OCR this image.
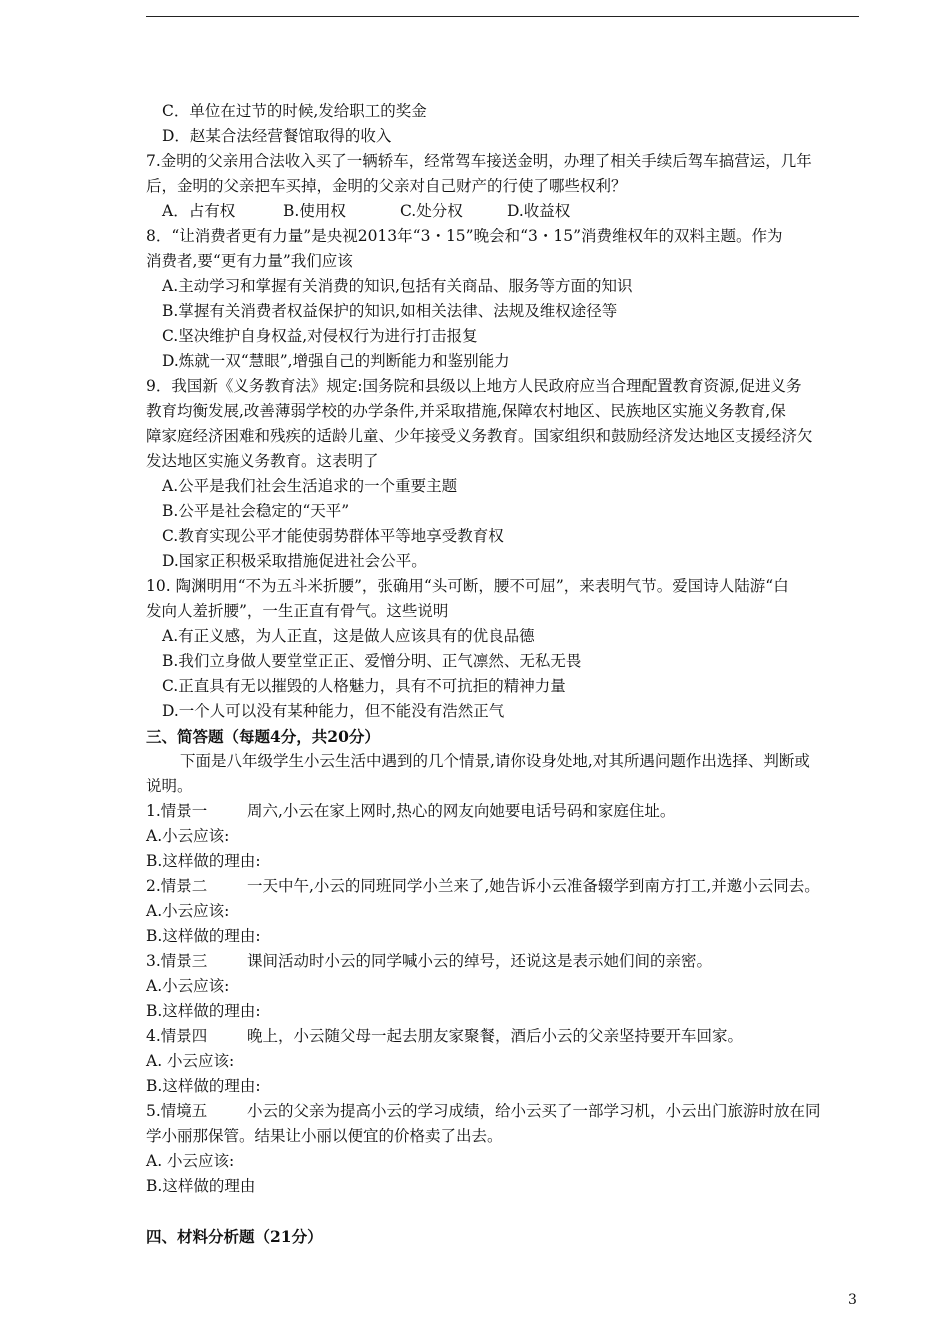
C．单位在过节的时候,发给职工的奖金
D．赵某合法经营餐馆取得的收入
7.金明的父亲用合法收入买了一辆轿车，经常驾车接送金明，办理了相关手续后驾车搞营运，几年
后，金明的父亲把车买掉，金明的父亲对自己财产的行使了哪些权利？
A．占有权	B.使用权	C.处分权	D.收益权
8．“让消费者更有力量”是央视2013年“3・15”晚会和“3・15”消费维权年的双料主题。作为
消费者,要“更有力量”我们应该
A.主动学习和掌握有关消费的知识,包括有关商品、服务等方面的知识
B.掌握有关消费者权益保护的知识,如相关法律、法规及维权途径等
C.坚决维护自身权益,对侵权行为进行打击报复
D.炼就一双“慧眼”,增强自己的判断能力和鉴别能力
9．我国新《义务教育法》规定:国务院和县级以上地方人民政府应当合理配置教育资源,促进义务
教育均衡发展,改善薄弱学校的办学条件,并采取措施,保障农村地区、民族地区实施义务教育,保
障家庭经济困难和残疾的适龄儿童、少年接受义务教育。国家组织和鼓励经济发达地区支援经济欠
发达地区实施义务教育。这表明了
A.公平是我们社会生活追求的一个重要主题
B.公平是社会稳定的“天平”
C.教育实现公平才能使弱势群体平等地享受教育权
D.国家正积极采取措施促进社会公平。
10. 陶渊明用“不为五斗米折腰”，张确用“头可断，腰不可屈”，来表明气节。爱国诗人陆游“白
发向人羞折腰”，一生正直有骨气。这些说明
A.有正义感，为人正直，这是做人应该具有的优良品德
B.我们立身做人要堂堂正正、爱憎分明、正气凛然、无私无畏
C.正直具有无以摧毁的人格魅力，具有不可抗拒的精神力量
D.一个人可以没有某种能力，但不能没有浩然正气
三、简答题（每题4分，共20分）
下面是八年级学生小云生活中遇到的几个情景,请你设身处地,对其所遇问题作出选择、判断或
说明。
1.情景一	周六,小云在家上网时,热心的网友向她要电话号码和家庭住址。
A.小云应该:
B.这样做的理由:
2.情景二	一天中午,小云的同班同学小兰来了,她告诉小云准备辍学到南方打工,并邀小云同去。
A.小云应该:
B.这样做的理由:
3.情景三	课间活动时小云的同学喊小云的绰号，还说这是表示她们间的亲密。
A.小云应该:
B.这样做的理由:
4.情景四	晚上，小云随父母一起去朋友家聚餐，酒后小云的父亲坚持要开车回家。
A. 小云应该:
B.这样做的理由:
5.情境五	小云的父亲为提高小云的学习成绩，给小云买了一部学习机，小云出门旅游时放在同
学小丽那保管。结果让小丽以便宜的价格卖了出去。
A. 小云应该:
B.这样做的理由
四、材料分析题（21分）
3
